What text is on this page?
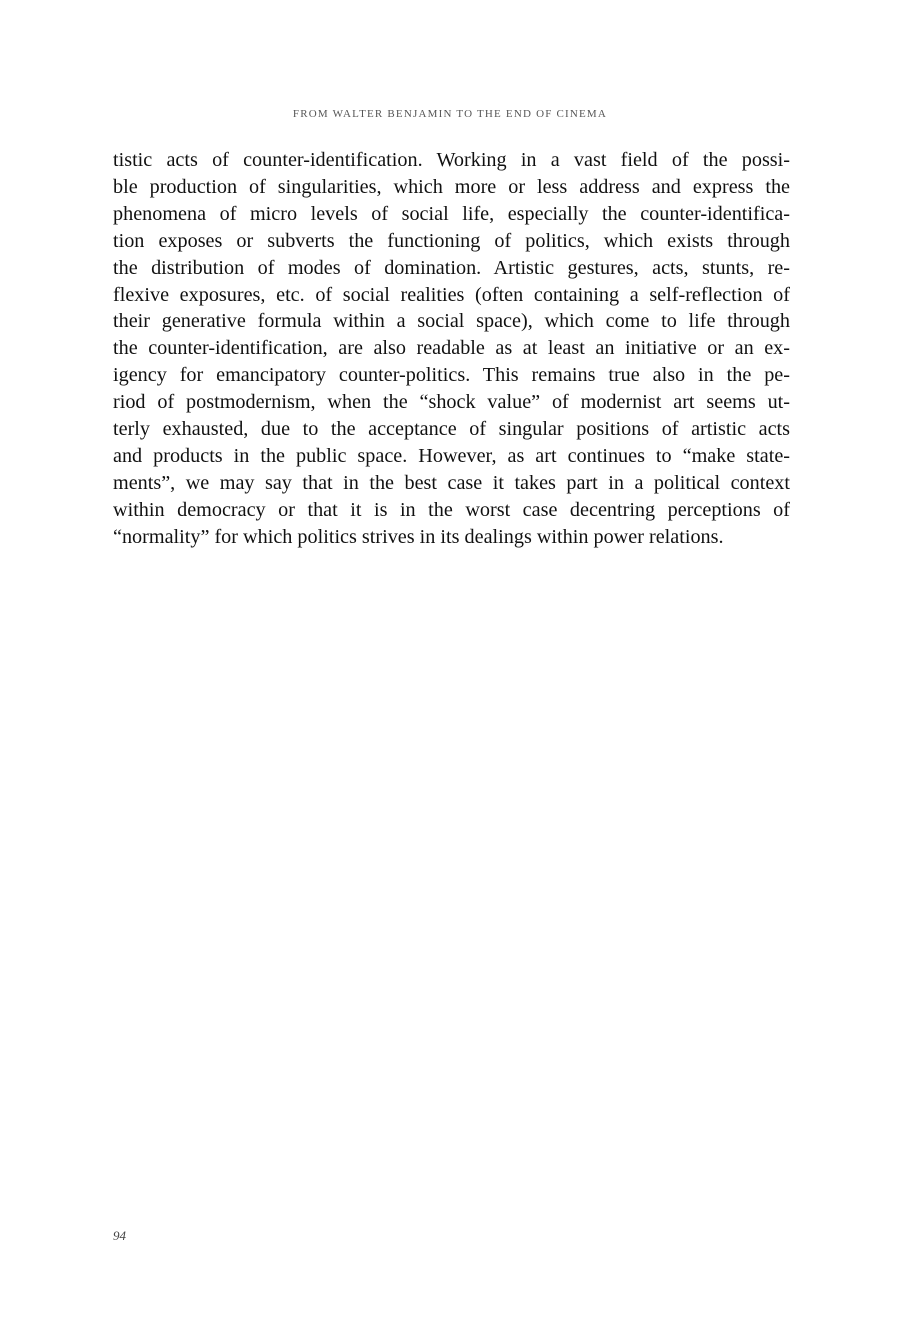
FROM WALTER BENJAMIN TO THE END OF CINEMA
tistic acts of counter-identification. Working in a vast field of the possi-
ble production of singularities, which more or less address and express the
phenomena of micro levels of social life, especially the counter-identifica-
tion exposes or subverts the functioning of politics, which exists through
the distribution of modes of domination. Artistic gestures, acts, stunts, re-
flexive exposures, etc. of social realities (often containing a self-reflection of
their generative formula within a social space), which come to life through
the counter-identification, are also readable as at least an initiative or an ex-
igency for emancipatory counter-politics. This remains true also in the pe-
riod of postmodernism, when the “shock value” of modernist art seems ut-
terly exhausted, due to the acceptance of singular positions of artistic acts
and products in the public space. However, as art continues to “make state-
ments”, we may say that in the best case it takes part in a political context
within democracy or that it is in the worst case decentring perceptions of
“normality” for which politics strives in its dealings within power relations.
94
